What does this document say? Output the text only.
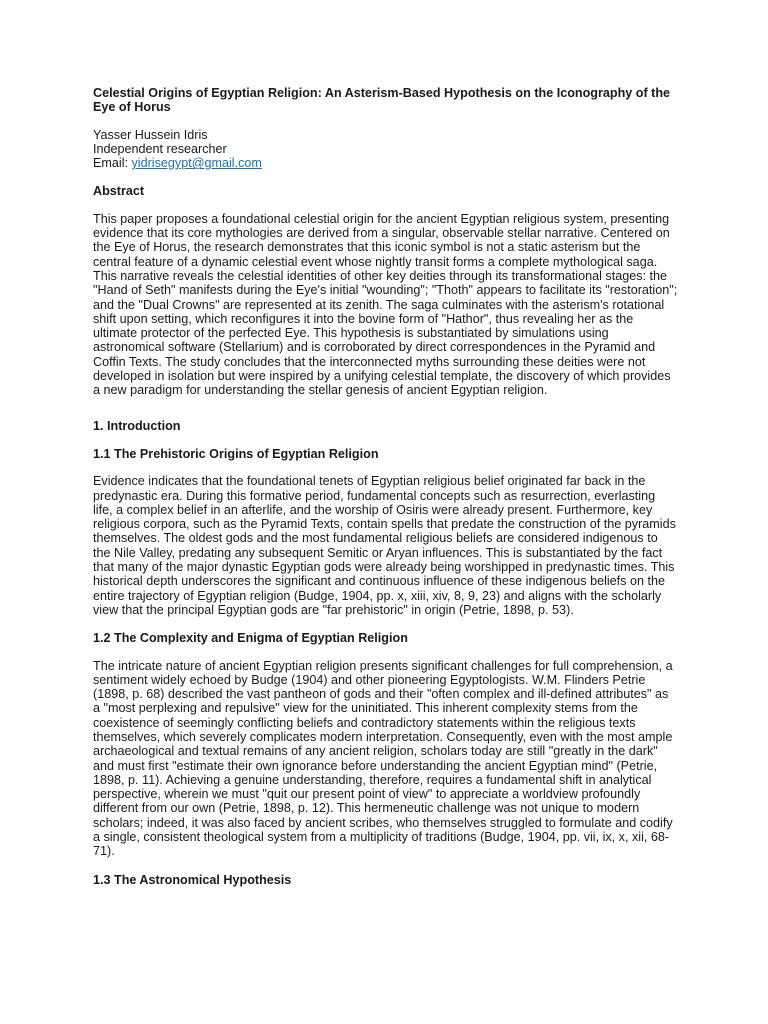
Celestial Origins of Egyptian Religion: An Asterism-Based Hypothesis on the Iconography of the Eye of Horus

Yasser Hussein Idris

Independent researcher

Email: yidrisegypt@gmail.com

Abstract

This paper proposes a foundational celestial origin for the ancient Egyptian religious system, presenting evidence that its core mythologies are derived from a singular, observable stellar narrative. Centered on the Eye of Horus, the research demonstrates that this iconic symbol is not a static asterism but the central feature of a dynamic celestial event whose nightly transit forms a complete mythological saga. This narrative reveals the celestial identities of other key deities through its transformational stages: the "Hand of Seth" manifests during the Eye's initial "wounding"; "Thoth" appears to facilitate its "restoration"; and the "Dual Crowns" are represented at its zenith. The saga culminates with the asterism's rotational shift upon setting, which reconfigures it into the bovine form of "Hathor", thus revealing her as the ultimate protector of the perfected Eye. This hypothesis is substantiated by simulations using astronomical software (Stellarium) and is corroborated by direct correspondences in the Pyramid and Coffin Texts. The study concludes that the interconnected myths surrounding these deities were not developed in isolation but were inspired by a unifying celestial template, the discovery of which provides a new paradigm for understanding the stellar genesis of ancient Egyptian religion.

1. Introduction

1.1 The Prehistoric Origins of Egyptian Religion

Evidence indicates that the foundational tenets of Egyptian religious belief originated far back in the predynastic era. During this formative period, fundamental concepts such as resurrection, everlasting life, a complex belief in an afterlife, and the worship of Osiris were already present. Furthermore, key religious corpora, such as the Pyramid Texts, contain spells that predate the construction of the pyramids themselves. The oldest gods and the most fundamental religious beliefs are considered indigenous to the Nile Valley, predating any subsequent Semitic or Aryan influences. This is substantiated by the fact that many of the major dynastic Egyptian gods were already being worshipped in predynastic times. This historical depth underscores the significant and continuous influence of these indigenous beliefs on the entire trajectory of Egyptian religion (Budge, 1904, pp. x, xiii, xiv, 8, 9, 23) and aligns with the scholarly view that the principal Egyptian gods are "far prehistoric" in origin (Petrie, 1898, p. 53).

1.2 The Complexity and Enigma of Egyptian Religion

The intricate nature of ancient Egyptian religion presents significant challenges for full comprehension, a sentiment widely echoed by Budge (1904) and other pioneering Egyptologists. W.M. Flinders Petrie (1898, p. 68) described the vast pantheon of gods and their "often complex and ill-defined attributes" as a "most perplexing and repulsive" view for the uninitiated. This inherent complexity stems from the coexistence of seemingly conflicting beliefs and contradictory statements within the religious texts themselves, which severely complicates modern interpretation. Consequently, even with the most ample archaeological and textual remains of any ancient religion, scholars today are still "greatly in the dark" and must first "estimate their own ignorance before understanding the ancient Egyptian mind" (Petrie, 1898, p. 11). Achieving a genuine understanding, therefore, requires a fundamental shift in analytical perspective, wherein we must "quit our present point of view" to appreciate a worldview profoundly different from our own (Petrie, 1898, p. 12). This hermeneutic challenge was not unique to modern scholars; indeed, it was also faced by ancient scribes, who themselves struggled to formulate and codify a single, consistent theological system from a multiplicity of traditions (Budge, 1904, pp. vii, ix, x, xii, 68-71).

1.3 The Astronomical Hypothesis
